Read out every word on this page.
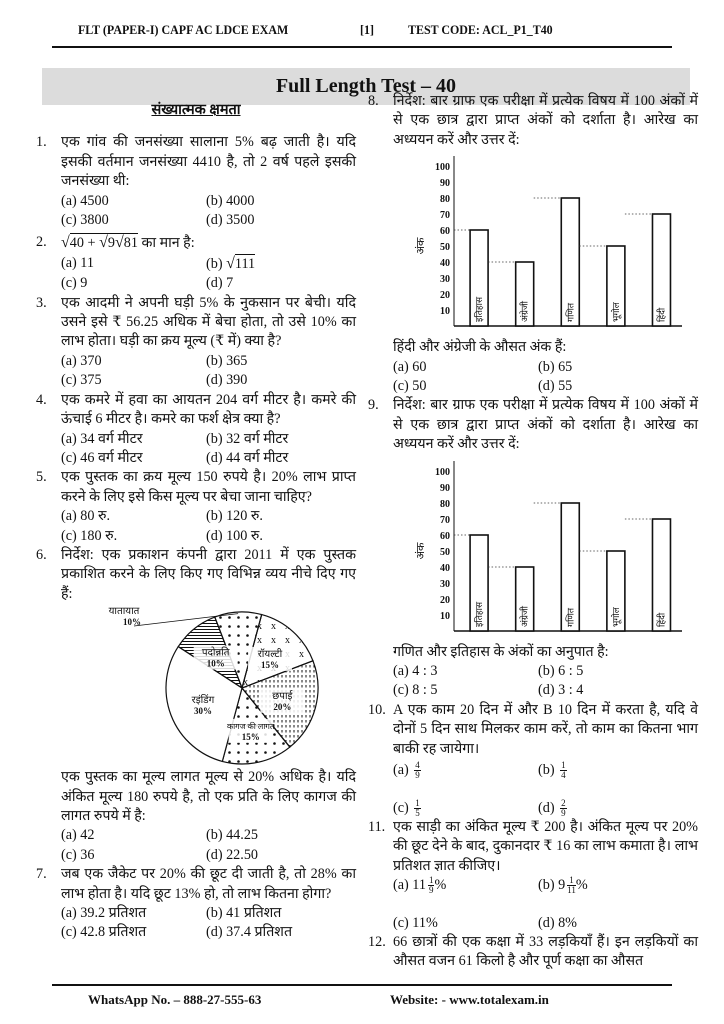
FLT (PAPER-I) CAPF AC LDCE EXAM	[1]	TEST CODE: ACL_P1_T40
Full Length Test – 40
संख्यात्मक क्षमता
1.	एक गांव की जनसंख्या सालाना 5% बढ़ जाती है। यदि इसकी वर्तमान जनसंख्या 4410 है, तो 2 वर्ष पहले इसकी जनसंख्या थी:
(a) 4500	(b) 4000
(c) 3800	(d) 3500
2. √40 + √9√81 का मान है:
(a) 11	(b) √111
(c) 9	(d) 7
3.	एक आदमी ने अपनी घड़ी 5% के नुकसान पर बेची। यदि उसने इसे ₹ 56.25 अधिक में बेचा होता, तो उसे 10% का लाभ होता। घड़ी का क्रय मूल्य (₹ में) क्या है?
(a) 370	(b) 365
(c) 375	(d) 390
4.	एक कमरे में हवा का आयतन 204 वर्ग मीटर है। कमरे की ऊंचाई 6 मीटर है। कमरे का फर्श क्षेत्र क्या है?
(a) 34 वर्ग मीटर	(b) 32 वर्ग मीटर
(c) 46 वर्ग मीटर	(d) 44 वर्ग मीटर
5.	एक पुस्तक का क्रय मूल्य 150 रुपये है। 20% लाभ प्राप्त करने के लिए इसे किस मूल्य पर बेचा जाना चाहिए?
(a) 80 रु.	(b) 120 रु.
(c) 180 रु.	(d) 100 रु.
6.	निर्देश: एक प्रकाशन कंपनी द्वारा 2011 में एक पुस्तक प्रकाशित करने के लिए किए गए विभिन्न व्यय नीचे दिए गए हैं:
रॉयल्टी
15%
छपाई
20%
कागज की लागत
15%
रइंडिंग
30%
पदोन्नति
10%
यातायात
10%
एक पुस्तक का मूल्य लागत मूल्य से 20% अधिक है। यदि अंकित मूल्य 180 रुपये है, तो एक प्रति के लिए कागज की लागत रुपये में है:
(a) 42	(b) 44.25
(c) 36	(d) 22.50
7.	जब एक जैकेट पर 20% की छूट दी जाती है, तो 28% का लाभ होता है। यदि छूट 13% हो, तो लाभ कितना होगा?
(a) 39.2 प्रतिशत	(b) 41 प्रतिशत
(c) 42.8 प्रतिशत	(d) 37.4 प्रतिशत
8.	निर्देश: बार ग्राफ एक परीक्षा में प्रत्येक विषय में 100 अंकों में से एक छात्र द्वारा प्राप्त अंकों को दर्शाता है। आरेख का अध्ययन करें और उत्तर दें:
10
20
30
40
50
60
70
80
90
100
अंक
इतिहास	अंग्रेजी	गणित	भूगोल	हिंदी
हिंदी और अंग्रेजी के औसत अंक हैं:
(a) 60	(b) 65
(c) 50	(d) 55
9.	निर्देश: बार ग्राफ एक परीक्षा में प्रत्येक विषय में 100 अंकों में से एक छात्र द्वारा प्राप्त अंकों को दर्शाता है। आरेख का अध्ययन करें और उत्तर दें:
10
20
30
40
50
60
70
80
90
100
अंक
इतिहास	अंग्रेजी	गणित	भूगोल	हिंदी
गणित और इतिहास के अंकों का अनुपात है:
(a) 4 : 3	(b) 6 : 5
(c) 8 : 5	(d) 3 : 4
10. A एक काम 20 दिन में और B 10 दिन में करता है, यदि वे दोनों 5 दिन साथ मिलकर काम करें, तो काम का कितना भाग बाकी रह जायेगा।
$(a) \frac{4}{9}$	$(b) \frac{1}{4}$
$(c) \frac{1}{5}$	$(d) \frac{2}{9}$
11. एक साड़ी का अंकित मूल्य ₹ 200 है। अंकित मूल्य पर 20% की छूट देने के बाद, दुकानदार ₹ 16 का लाभ कमाता है। लाभ प्रतिशत ज्ञात कीजिए।
(a) $11 \frac{1}{9}$ %	(b) $9 \frac{1}{11}$ %
(c) 11%	(d) 8%
12. 66 छात्रों की एक कक्षा में 33 लड़कियाँ हैं। इन लड़कियों का औसत वजन 61 किलो है और पूर्ण कक्षा का औसत
WhatsApp No. – 888-27-555-63	Website: - www.totalexam.in
